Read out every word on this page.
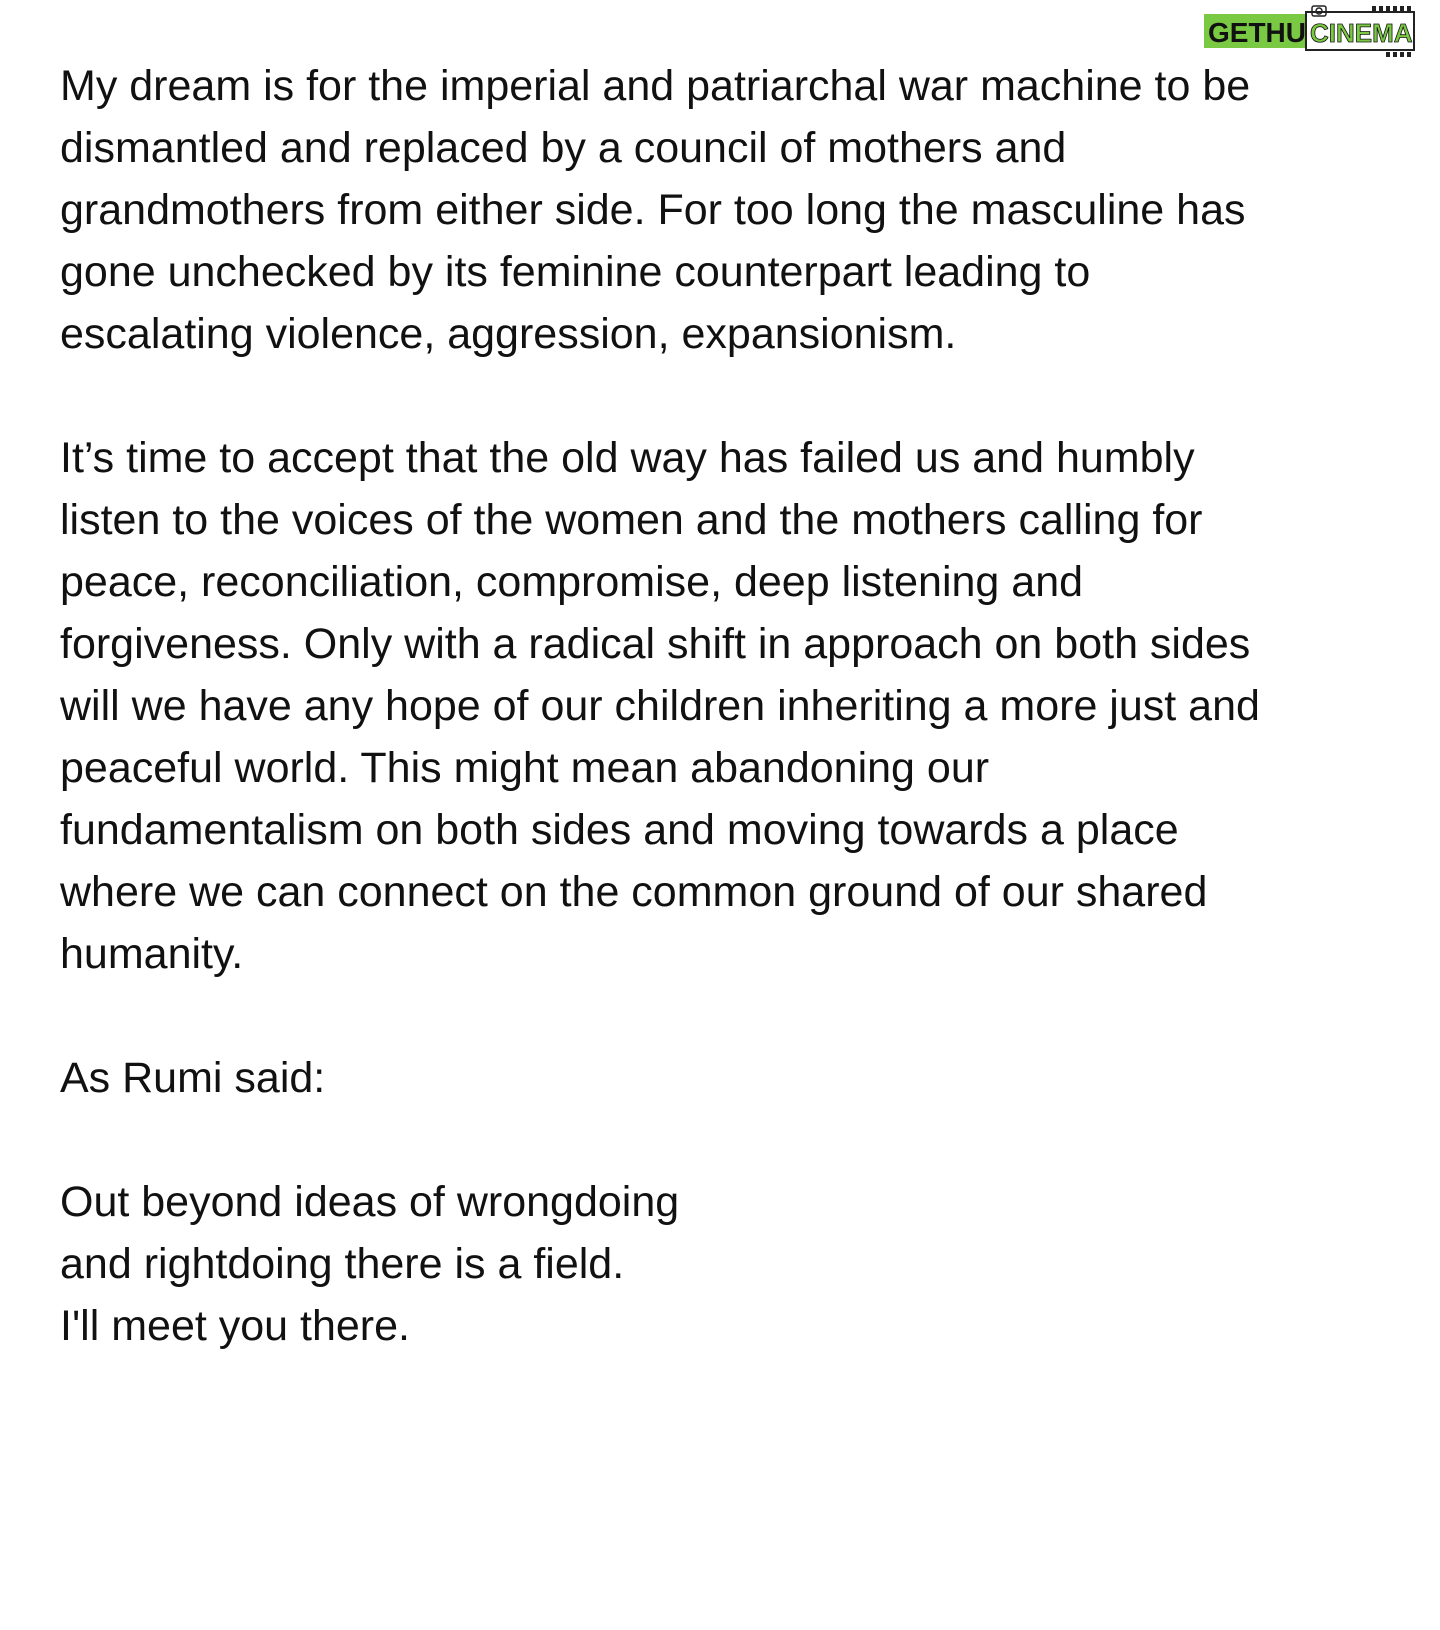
GETHU CINEMA

My dream is for the imperial and patriarchal war machine to be
dismantled and replaced by a council of mothers and
grandmothers from either side. For too long the masculine has
gone unchecked by its feminine counterpart leading to
escalating violence, aggression, expansionism.

It’s time to accept that the old way has failed us and humbly
listen to the voices of the women and the mothers calling for
peace, reconciliation, compromise, deep listening and
forgiveness. Only with a radical shift in approach on both sides
will we have any hope of our children inheriting a more just and
peaceful world. This might mean abandoning our
fundamentalism on both sides and moving towards a place
where we can connect on the common ground of our shared
humanity.

As Rumi said:

Out beyond ideas of wrongdoing
and rightdoing there is a field.
I'll meet you there.
